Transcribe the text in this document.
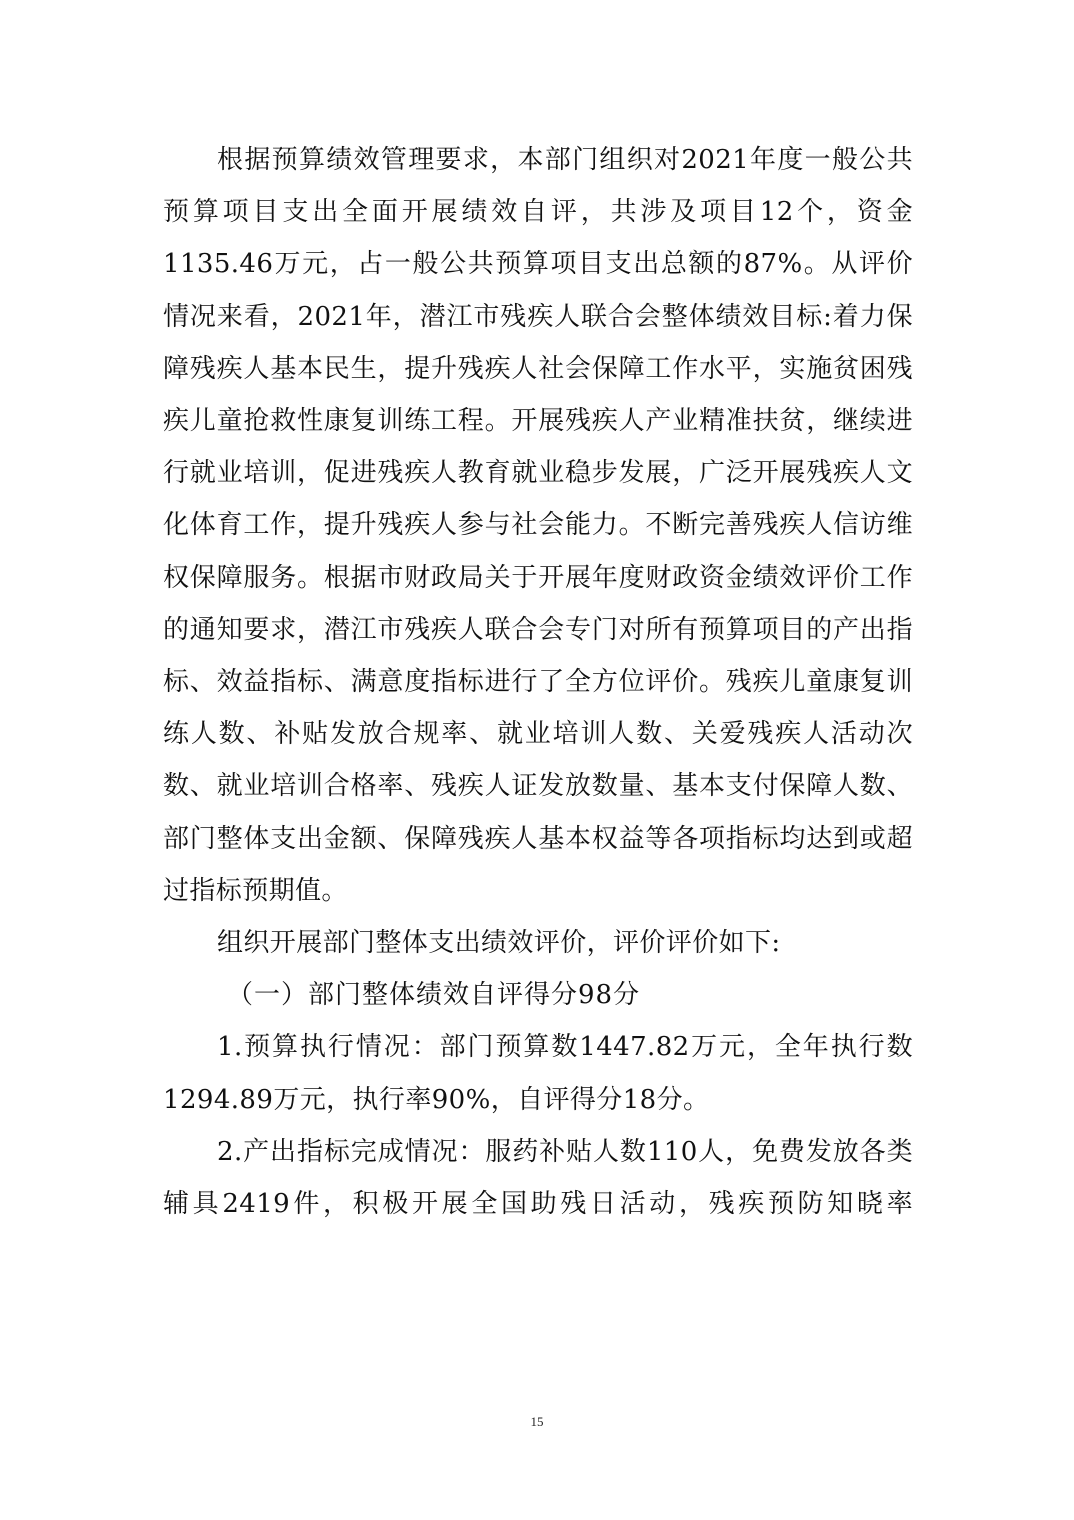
根据预算绩效管理要求，本部门组织对2021年度一般公共预算项目支出全面开展绩效自评，共涉及项目12个，资金1135.46万元，占一般公共预算项目支出总额的87%。从评价情况来看，2021年，潜江市残疾人联合会整体绩效目标:着力保障残疾人基本民生，提升残疾人社会保障工作水平，实施贫困残疾儿童抢救性康复训练工程。开展残疾人产业精准扶贫，继续进行就业培训，促进残疾人教育就业稳步发展，广泛开展残疾人文化体育工作，提升残疾人参与社会能力。不断完善残疾人信访维权保障服务。根据市财政局关于开展年度财政资金绩效评价工作的通知要求，潜江市残疾人联合会专门对所有预算项目的产出指标、效益指标、满意度指标进行了全方位评价。残疾儿童康复训练人数、补贴发放合规率、就业培训人数、关爱残疾人活动次数、就业培训合格率、残疾人证发放数量、基本支付保障人数、部门整体支出金额、保障残疾人基本权益等各项指标均达到或超过指标预期值。

组织开展部门整体支出绩效评价，评价评价如下:

（一）部门整体绩效自评得分98分

1.预算执行情况：部门预算数1447.82万元，全年执行数1294.89万元，执行率90%，自评得分18分。

2.产出指标完成情况：服药补贴人数110人，免费发放各类辅具2419件，积极开展全国助残日活动，残疾预防知晓率

15
